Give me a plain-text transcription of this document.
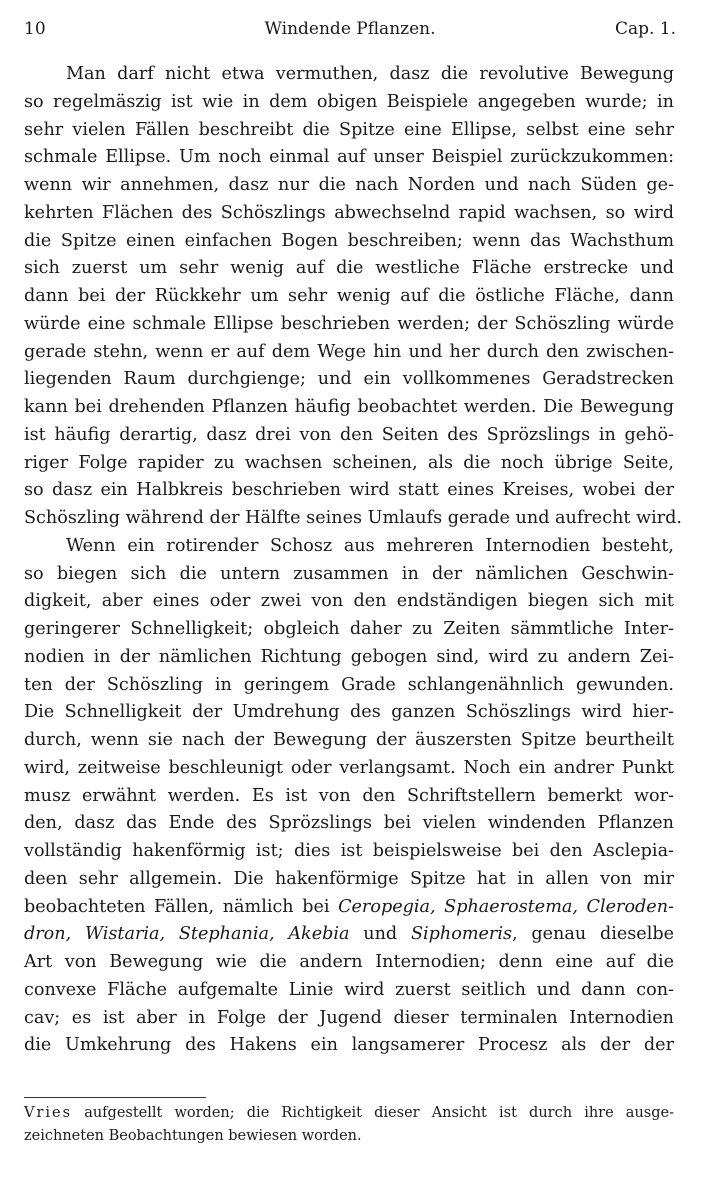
Windende Pflanzen.
10	Cap. 1.
Man darf nicht etwa vermuthen, dasz die revolutive Bewegung
so regelmäszig ist wie in dem obigen Beispiele angegeben wurde; in
sehr vielen Fällen beschreibt die Spitze eine Ellipse, selbst eine sehr
schmale Ellipse. Um noch einmal auf unser Beispiel zurückzukommen:
wenn wir annehmen, dasz nur die nach Norden und nach Süden ge-
kehrten Flächen des Schöszlings abwechselnd rapid wachsen, so wird
die Spitze einen einfachen Bogen beschreiben; wenn das Wachsthum
sich zuerst um sehr wenig auf die westliche Fläche erstrecke und
dann bei der Rückkehr um sehr wenig auf die östliche Fläche, dann
würde eine schmale Ellipse beschrieben werden; der Schöszling würde
gerade stehn, wenn er auf dem Wege hin und her durch den zwischen-
liegenden Raum durchgienge; und ein vollkommenes Geradstrecken
kann bei drehenden Pflanzen häufig beobachtet werden. Die Bewegung
ist häufig derartig, dasz drei von den Seiten des Sprözslings in gehö-
riger Folge rapider zu wachsen scheinen, als die noch übrige Seite,
so dasz ein Halbkreis beschrieben wird statt eines Kreises, wobei der
Schöszling während der Hälfte seines Umlaufs gerade und aufrecht wird.
Wenn ein rotirender Schosz aus mehreren Internodien besteht,
so biegen sich die untern zusammen in der nämlichen Geschwin-
digkeit, aber eines oder zwei von den endständigen biegen sich mit
geringerer Schnelligkeit; obgleich daher zu Zeiten sämmtliche Inter-
nodien in der nämlichen Richtung gebogen sind, wird zu andern Zei-
ten der Schöszling in geringem Grade schlangenähnlich gewunden.
Die Schnelligkeit der Umdrehung des ganzen Schöszlings wird hier-
durch, wenn sie nach der Bewegung der äuszersten Spitze beurtheilt
wird, zeitweise beschleunigt oder verlangsamt. Noch ein andrer Punkt
musz erwähnt werden. Es ist von den Schriftstellern bemerkt wor-
den, dasz das Ende des Sprözslings bei vielen windenden Pflanzen
vollständig hakenförmig ist; dies ist beispielsweise bei den Asclepia-
deen sehr allgemein. Die hakenförmige Spitze hat in allen von mir
beobachteten Fällen, nämlich bei Ceropegia, Sphaerostema, Cleroden-
dron, Wistaria, Stephania, Akebia und Siphomeris, genau dieselbe
Art von Bewegung wie die andern Internodien; denn eine auf die
convexe Fläche aufgemalte Linie wird zuerst seitlich und dann con-
cav; es ist aber in Folge der Jugend dieser terminalen Internodien
die Umkehrung des Hakens ein langsamerer Procesz als der der
Vries aufgestellt worden; die Richtigkeit dieser Ansicht ist durch ihre ausge-
zeichneten Beobachtungen bewiesen worden.
